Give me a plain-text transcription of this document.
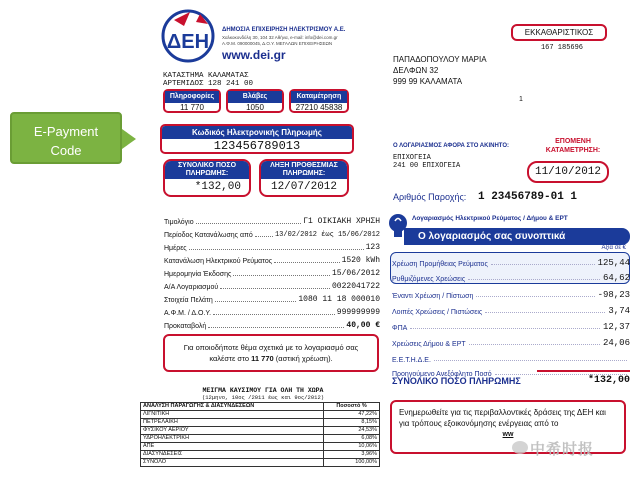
ΔΕΗ
ΔΗΜΟΣΙΑ ΕΠΙΧΕΙΡΗΣΗ ΗΛΕΚΤΡΙΣΜΟΥ Α.Ε.
Χαλκοκονδύλη 30, 104 32 Αθήνα, e-mail: info@dei.com.gr
Α.Φ.Μ. 090000045, Δ.Ο.Υ. ΜΕΓΑΛΩΝ ΕΠΙΧΕΙΡΗΣΕΩΝ
www.dei.gr
ΚΑΤΑΣΤΗΜΑ ΚΑΛΑΜΑΤΑΣ
ΑΡΤΕΜΙΔΟΣ 128 241 00
Πληροφορίες
11 770
Βλάβες
1050
Καταμέτρηση
27210 45838
E-Payment Code
Κωδικός Ηλεκτρονικής Πληρωμής
123456789013
ΣΥΝΟΛΙΚΟ ΠΟΣΟ ΠΛΗΡΩΜΗΣ:
*132,00
ΛΗΞΗ ΠΡΟΘΕΣΜΙΑΣ ΠΛΗΡΩΜΗΣ:
12/07/2012
Τιμολόγιο	Γ1 ΟΙΚΙΑΚΗ ΧΡΗΣΗ
Περίοδος Κατανάλωσης από	13/02/2012 έως 15/06/2012
Ημέρες	123
Κατανάλωση Ηλεκτρικού Ρεύματος	1520 kWh
Ημερομηνία Έκδοσης	15/06/2012
Α/Α Λογαριασμού	0022041722
Στοιχεία Πελάτη	1080 11 18 000010
Α.Φ.Μ. / Δ.Ο.Υ.	999999999
Προκαταβολή	40,00 €
Για οποιοδήποτε θέμα σχετικά με το λογαριασμό σας
καλέστε στο 11 770 (αστική χρέωση).
ΜΕΙΓΜΑ ΚΑΥΣΙΜΟΥ ΓΙΑ ΟΛΗ ΤΗ ΧΩΡΑ
(12μηνο, 10ος /2011 έως και 9ος/2012)
ΑΝΑΛΥΣΗ ΠΑΡΑΓΩΓΗΣ & ΔΙΑΣΥΝΔΕΣΕΩΝ	Ποσοστό %
ΛΙΓΝΙΤΙΚΗ	47,22%
ΠΕΤΡΕΛΑΙΚΗ	8,15%
ΦΥΣΙΚΟΥ ΑΕΡΙΟΥ	24,53%
ΥΔΡΟΗΛΕΚΤΡΙΚΗ	6,08%
ΑΠΕ	10,06%
ΔΙΑΣΥΝΔΕΣΕΙΣ	3,96%
ΣΥΝΟΛΟ	100,00%
ΕΚΚΑΘΑΡΙΣΤΙΚΟΣ
167 185696
ΠΑΠΑΔΟΠΟΥΛΟΥ ΜΑΡΙΑ
ΔΕΛΦΩΝ 32
999 99 ΚΑΛΑΜΑΤΑ
1
Ο ΛΟΓΑΡΙΑΣΜΟΣ ΑΦΟΡΑ ΣΤΟ ΑΚΙΝΗΤΟ:
ΕΠΙΧΟΓΕΙΑ
241 00 ΕΠΙΧΟΓΕΙΑ
ΕΠΟΜΕΝΗ ΚΑΤΑΜΕΤΡΗΣΗ:
11/10/2012
Αριθμός Παροχής: 1 23456789-01 1
Λογαριασμός Ηλεκτρικού Ρεύματος / Δήμου & ΕΡΤ
Ο λογαριασμός σας συνοπτικά
Αξία σε €
Χρέωση Προμήθειας Ρεύματος	125,44
Ρυθμιζόμενες Χρεώσεις	64,62
Έναντι Χρέωση / Πίστωση	-98,23
Λοιπές Χρεώσεις / Πιστώσεις	3,74
ΦΠΑ	12,37
Χρεώσεις Δήμου & ΕΡΤ	24,06
Ε.Ε.Τ.Η.Δ.Ε.
Προηγούμενο Ανεξόφλητο Ποσό
ΣΥΝΟΛΙΚΟ ΠΟΣΟ ΠΛΗΡΩΜΗΣ	*132,00
Ενημερωθείτε για τις περιβαλλοντικές δράσεις της ΔΕΗ και για τρόπους εξοικονόμησης ενέργειας από το
ww
中希时报
